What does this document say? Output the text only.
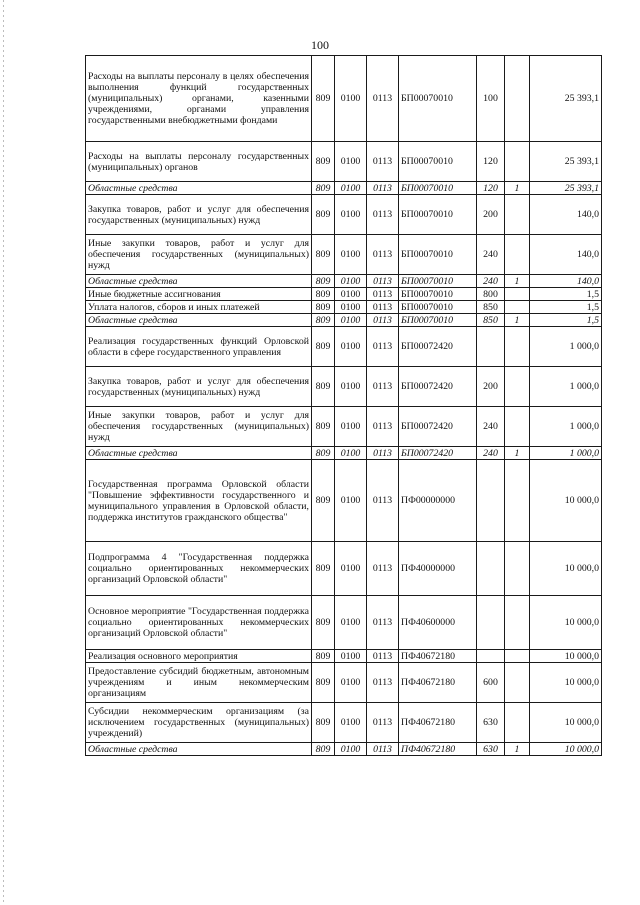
100
Расходы на выплаты персоналу в целях обеспечения выполнения функций государственных (муниципальных) органами, казенными учреждениями, органами управления государственными внебюджетными фондами	809	0100	0113	БП00070010	100		25 393,1
Расходы на выплаты персоналу государственных (муниципальных) органов	809	0100	0113	БП00070010	120		25 393,1
Областные средства	809	0100	0113	БП00070010	120	1	25 393,1
Закупка товаров, работ и услуг для обеспечения государственных (муниципальных) нужд	809	0100	0113	БП00070010	200		140,0
Иные закупки товаров, работ и услуг для обеспечения государственных (муниципальных) нужд	809	0100	0113	БП00070010	240		140,0
Областные средства	809	0100	0113	БП00070010	240	1	140,0
Иные бюджетные ассигнования	809	0100	0113	БП00070010	800		1,5
Уплата налогов, сборов и иных платежей	809	0100	0113	БП00070010	850		1,5
Областные средства	809	0100	0113	БП00070010	850	1	1,5
Реализация государственных функций Орловской области в сфере государственного управления	809	0100	0113	БП00072420			1 000,0
Закупка товаров, работ и услуг для обеспечения государственных (муниципальных) нужд	809	0100	0113	БП00072420	200		1 000,0
Иные закупки товаров, работ и услуг для обеспечения государственных (муниципальных) нужд	809	0100	0113	БП00072420	240		1 000,0
Областные средства	809	0100	0113	БП00072420	240	1	1 000,0
Государственная программа Орловской области "Повышение эффективности государственного и муниципального управления в Орловской области, поддержка институтов гражданского общества"	809	0100	0113	ПФ00000000			10 000,0
Подпрограмма 4 "Государственная поддержка социально ориентированных некоммерческих организаций Орловской области"	809	0100	0113	ПФ40000000			10 000,0
Основное мероприятие "Государственная поддержка социально ориентированных некоммерческих организаций Орловской области"	809	0100	0113	ПФ40600000			10 000,0
Реализация основного мероприятия	809	0100	0113	ПФ40672180			10 000,0
Предоставление субсидий бюджетным, автономным учреждениям и иным некоммерческим организациям	809	0100	0113	ПФ40672180	600		10 000,0
Субсидии некоммерческим организациям (за исключением государственных (муниципальных) учреждений)	809	0100	0113	ПФ40672180	630		10 000,0
Областные средства	809	0100	0113	ПФ40672180	630	1	10 000,0
